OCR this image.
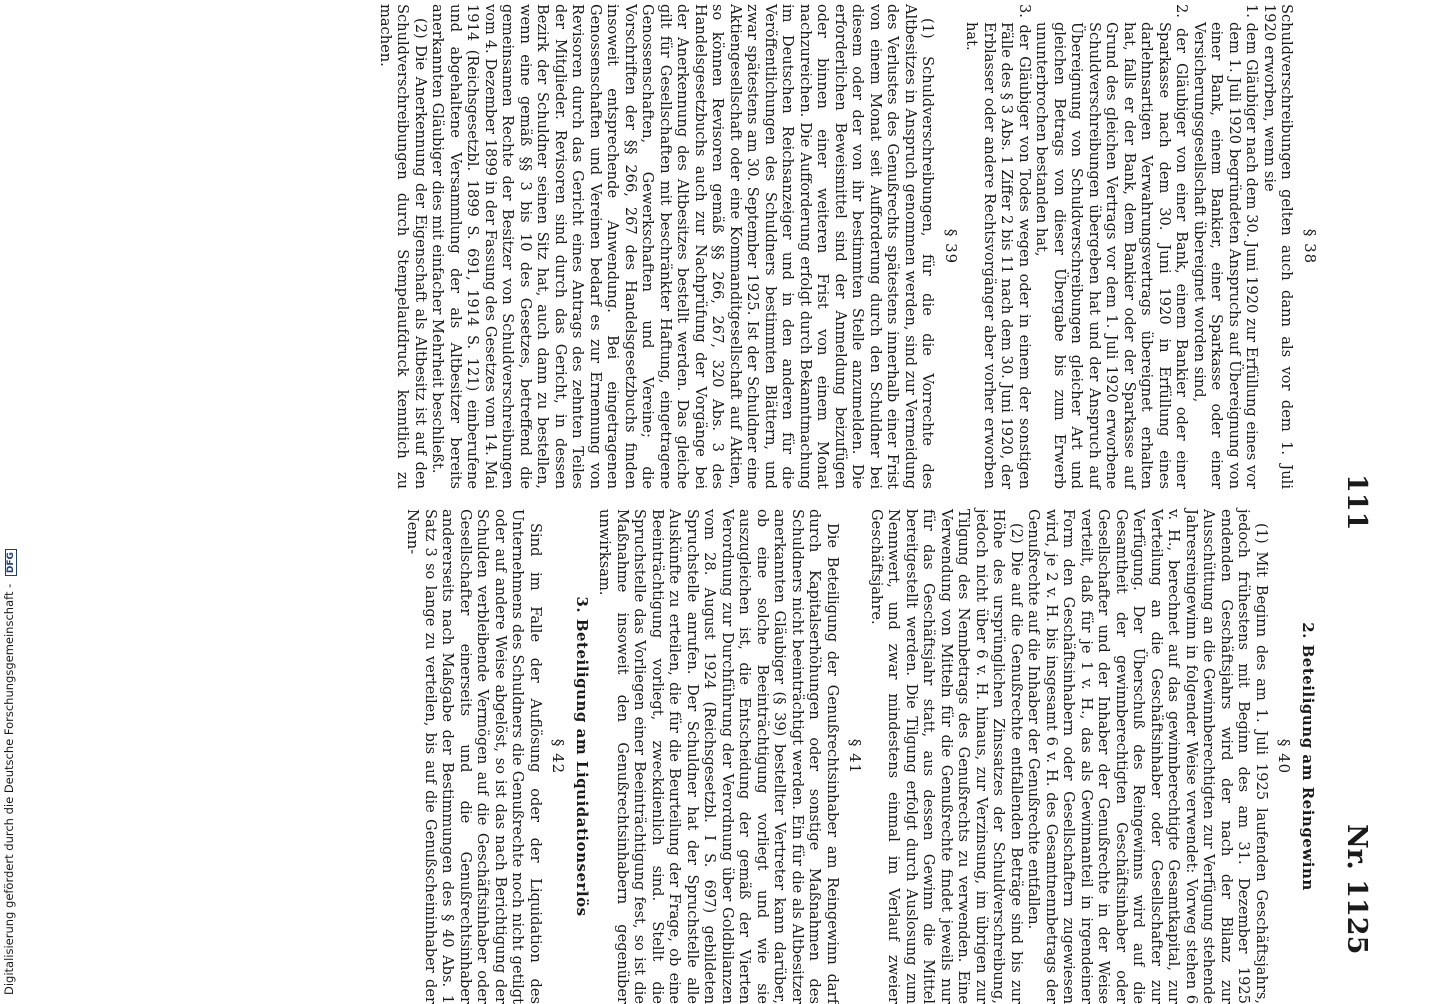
Digitalisierung gefördert durch die Deutsche Forschungsgemeinschaft - DFG
111
Nr. 1125
§ 38

Schuldverschreibungen gelten auch dann als vor dem 1. Juli 1920 erworben, wenn sie

1. dem Gläubiger nach dem 30. Juni 1920 zur Erfüllung eines vor dem 1. Juli 1920 begründeten Anspruchs auf Übereignung von einer Bank, einem Bankier, einer Sparkasse oder einer Versicherungsgesellschaft übereignet worden sind,

2. der Gläubiger von einer Bank, einem Bankier oder einer Sparkasse nach dem 30. Juni 1920 in Erfüllung eines darlehnsartigen Verwahrungsvertrags übereignet erhalten hat, falls er der Bank, dem Bankier oder der Sparkasse auf Grund des gleichen Vertrags vor dem 1. Juli 1920 erworbene Schuldverschreibungen übergeben hat und der Anspruch auf Übereignung von Schuldverschreibungen gleicher Art und gleichen Betrags von dieser Übergabe bis zum Erwerb ununterbrochen bestanden hat,

3. der Gläubiger von Todes wegen oder in einem der sonstigen Fälle des § 3 Abs. 1 Ziffer 2 bis 11 nach dem 30. Juni 1920, der Erblasser oder andere Rechtsvorgänger aber vorher erworben hat.

§ 39

(1) Schuldverschreibungen, für die die Vorrechte des Altbesitzes in Anspruch genommen werden, sind zur Vermeidung des Verlustes des Genußrechts spätestens innerhalb einer Frist von einem Monat seit Aufforderung durch den Schuldner bei diesem oder der von ihr bestimmten Stelle anzumelden. Die erforderlichen Beweismittel sind der Anmeldung beizufügen oder binnen einer weiteren Frist von einem Monat nachzureichen. Die Aufforderung erfolgt durch Bekanntmachung im Deutschen Reichsanzeiger und in den anderen für die Veröffentlichungen des Schuldners bestimmten Blättern, und zwar spätestens am 30. September 1925. Ist der Schuldner eine Aktiengesellschaft oder eine Kommanditgesellschaft auf Aktien, so können Revisoren gemäß §§ 266, 267, 320 Abs. 3 des Handelsgesetzbuchs auch zur Nachprüfung der Vorgänge bei der Anerkennung des Altbesitzes bestellt werden. Das gleiche gilt für Gesellschaften mit beschränkter Haftung, eingetragene Genossenschaften, Gewerkschaften und Vereine; die Vorschriften der §§ 266, 267 des Handelsgesetzbuchs finden insoweit entsprechende Anwendung. Bei eingetragenen Genossenschaften und Vereinen bedarf es zur Ernennung von Revisoren durch das Gericht eines Antrags des zehnten Teiles der Mitglieder. Revisoren sind durch das Gericht, in dessen Bezirk der Schuldner seinen Sitz hat, auch dann zu bestellen, wenn eine gemäß §§ 3 bis 10 des Gesetzes, betreffend die gemeinsamen Rechte der Besitzer von Schuldverschreibungen vom 4. Dezember 1899 in der Fassung des Gesetzes vom 14. Mai 1914 (Reichsgesetzbl. 1899 S. 691, 1914 S. 121) einberufene und abgehaltene Versammlung der als Altbesitzer bereits anerkannten Gläubiger dies mit einfacher Mehrheit beschließt.

(2) Die Anerkennung der Eigenschaft als Altbesitz ist auf den Schuldverschreibungen durch Stempelaufdruck kenntlich zu machen.

2. Beteiligung am Reingewinn
§ 40

(1) Mit Beginn des am 1. Juli 1925 laufenden Geschäftsjahrs, jedoch frühestens mit Beginn des am 31. Dezember 1925 endenden Geschäftsjahrs wird der nach der Bilanz zur Ausschüttung an die Gewinnberechtigten zur Verfügung stehende Jahresreingewinn in folgender Weise verwendet: Vorweg stehen 6 v. H., berechnet auf das gewinnberechtigte Gesamtkapital, zur Verteilung an die Geschäftsinhaber oder Gesellschafter zur Verfügung. Der Überschuß des Reingewinns wird auf die Gesamtheit der gewinnberechtigten Geschäftsinhaber oder Gesellschafter und der Inhaber der Genußrechte in der Weise verteilt, daß für je 1 v. H., das als Gewinnanteil in irgendeiner Form den Geschäftsinhabern oder Gesellschaftern zugewiesen wird, je 2 v. H. bis insgesamt 6 v. H. des Gesamtnennbetrags der Genußrechte auf die Inhaber der Genußrechte entfallen.

(2) Die auf die Genußrechte entfallenden Beträge sind bis zur Höhe des ursprünglichen Zinssatzes der Schuldverschreibung, jedoch nicht über 6 v. H. hinaus, zur Verzinsung, im übrigen zur Tilgung des Nennbetrags des Genußrechts zu verwenden. Eine Verwendung von Mitteln für die Genußrechte findet jeweils nur für das Geschäftsjahr statt, aus dessen Gewinn die Mittel bereitgestellt werden. Die Tilgung erfolgt durch Auslosung zum Nennwert, und zwar mindestens einmal im Verlauf zweier Geschäftsjahre.

§ 41

Die Beteiligung der Genußrechtsinhaber am Reingewinn darf durch Kapitalserhöhungen oder sonstige Maßnahmen des Schuldners nicht beeinträchtigt werden. Ein für die als Altbesitzer anerkannten Gläubiger (§ 39) bestellter Vertreter kann darüber, ob eine solche Beeinträchtigung vorliegt und wie sie auszugleichen ist, die Entscheidung der gemäß der Vierten Verordnung zur Durchführung der Verordnung über Goldbilanzen vom 28. August 1924 (Reichsgesetzbl. I S. 697) gebildeten Spruchstelle anrufen. Der Schuldner hat der Spruchstelle alle Auskünfte zu erteilen, die für die Beurteilung der Frage, ob eine Beeinträchtigung vorliegt, zweckdienlich sind. Stellt die Spruchstelle das Vorliegen einer Beeinträchtigung fest, so ist die Maßnahme insoweit den Genußrechtsinhabern gegenüber unwirksam.

3. Beteiligung am Liquidationserlös
§ 42

Sind im Falle der Auflösung oder der Liquidation des Unternehmens des Schuldners die Genußrechte noch nicht getilgt oder auf andere Weise abgelöst, so ist das nach Berichtigung der Schulden verbleibende Vermögen auf die Geschäftsinhaber oder Gesellschafter einerseits und die Genußrechtsinhaber andererseits nach Maßgabe der Bestimmungen des § 40 Abs. 1 Satz 3 so lange zu verteilen, bis auf die Genußscheininhaber der Nenn-
